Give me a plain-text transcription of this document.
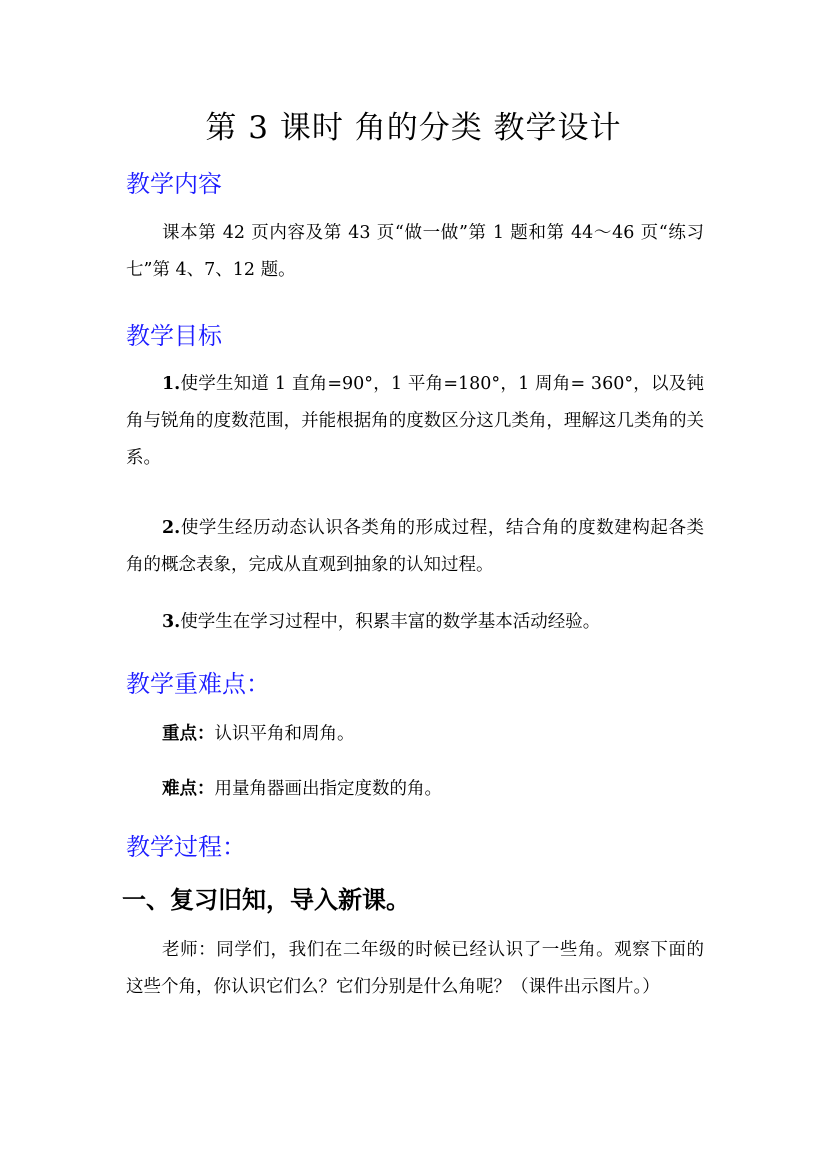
第 3 课时 角的分类 教学设计
教学内容
课本第 42 页内容及第 43 页“做一做”第 1 题和第 44～46 页“练习七”第 4、7、12 题。
教学目标
1.使学生知道 1 直角=90°，1 平角=180°，1 周角= 360°，以及钝角与锐角的度数范围，并能根据角的度数区分这几类角，理解这几类角的关系。
2.使学生经历动态认识各类角的形成过程，结合角的度数建构起各类角的概念表象，完成从直观到抽象的认知过程。
3.使学生在学习过程中，积累丰富的数学基本活动经验。
教学重难点：
重点：认识平角和周角。
难点：用量角器画出指定度数的角。
教学过程：
一、复习旧知，导入新课。
老师：同学们，我们在二年级的时候已经认识了一些角。观察下面的这些个角，你认识它们么？它们分别是什么角呢？（课件出示图片。）
